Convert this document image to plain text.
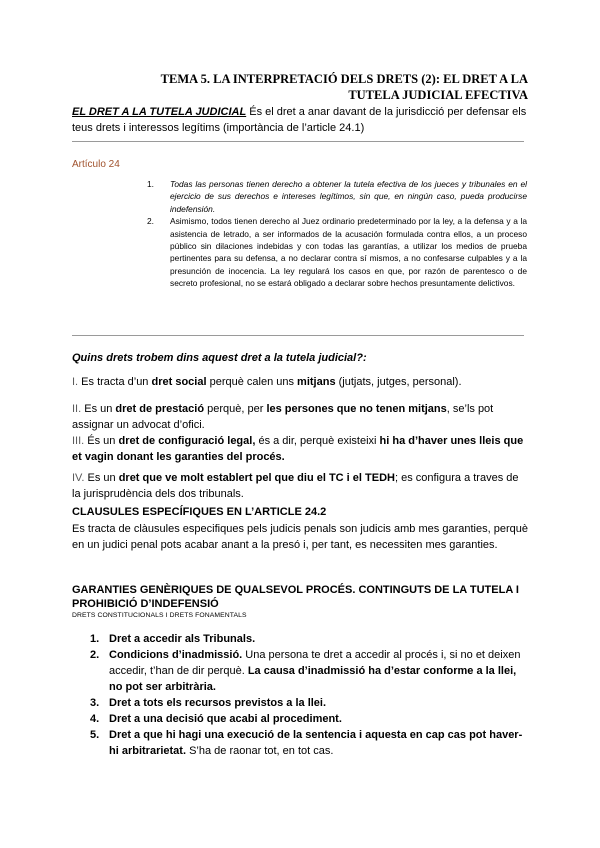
TEMA 5. LA INTERPRETACIÓ DELS DRETS (2): EL DRET A LA TUTELA JUDICIAL EFECTIVA
EL DRET A LA TUTELA JUDICIAL És el dret a anar davant de la jurisdicció per defensar els teus drets i interessos legítims (importància de l’article 24.1)
Artículo 24
1.	Todas las personas tienen derecho a obtener la tutela efectiva de los jueces y tribunales en el ejercicio de sus derechos e intereses legítimos, sin que, en ningún caso, pueda producirse indefensión.
2.	Asimismo, todos tienen derecho al Juez ordinario predeterminado por la ley, a la defensa y a la asistencia de letrado, a ser informados de la acusación formulada contra ellos, a un proceso público sin dilaciones indebidas y con todas las garantías, a utilizar los medios de prueba pertinentes para su defensa, a no declarar contra sí mismos, a no confesarse culpables y a la presunción de inocencia. La ley regulará los casos en que, por razón de parentesco o de secreto profesional, no se estará obligado a declarar sobre hechos presuntamente delictivos.
Quins drets trobem dins aquest dret a la tutela judicial?:
I. Es tracta d’un dret social perquè calen uns mitjans (jutjats, jutges, personal).
II. Es un dret de prestació perquè, per les persones que no tenen mitjans, se’ls pot assignar un advocat d’ofici.
III. És un dret de configuració legal, és a dir, perquè existeixi hi ha d’haver unes lleis que et vagin donant les garanties del procés.
IV. Es un dret que ve molt establert pel que diu el TC i el TEDH; es configura a traves de la jurisprudència dels dos tribunals.
CLAUSULES ESPECÍFIQUES EN L’ARTICLE 24.2
Es tracta de clàusules especifiques pels judicis penals son judicis amb mes garanties, perquè en un judici penal pots acabar anant a la presó i, per tant, es necessiten mes garanties.
GARANTIES GENÈRIQUES DE QUALSEVOL PROCÉS. CONTINGUTS DE LA TUTELA I PROHIBICIÓ D’INDEFENSIÓ
DRETS CONSTITUCIONALS I DRETS FONAMENTALS
1. Dret a accedir als Tribunals.
2. Condicions d’inadmissió. Una persona te dret a accedir al procés i, si no et deixen accedir, t’han de dir perquè. La causa d’inadmissió ha d’estar conforme a la llei, no pot ser arbitrària.
3. Dret a tots els recursos previstos a la llei.
4. Dret a una decisió que acabi al procediment.
5. Dret a que hi hagi una execució de la sentencia i aquesta en cap cas pot haver-hi arbitrarietat. S’ha de raonar tot, en tot cas.
